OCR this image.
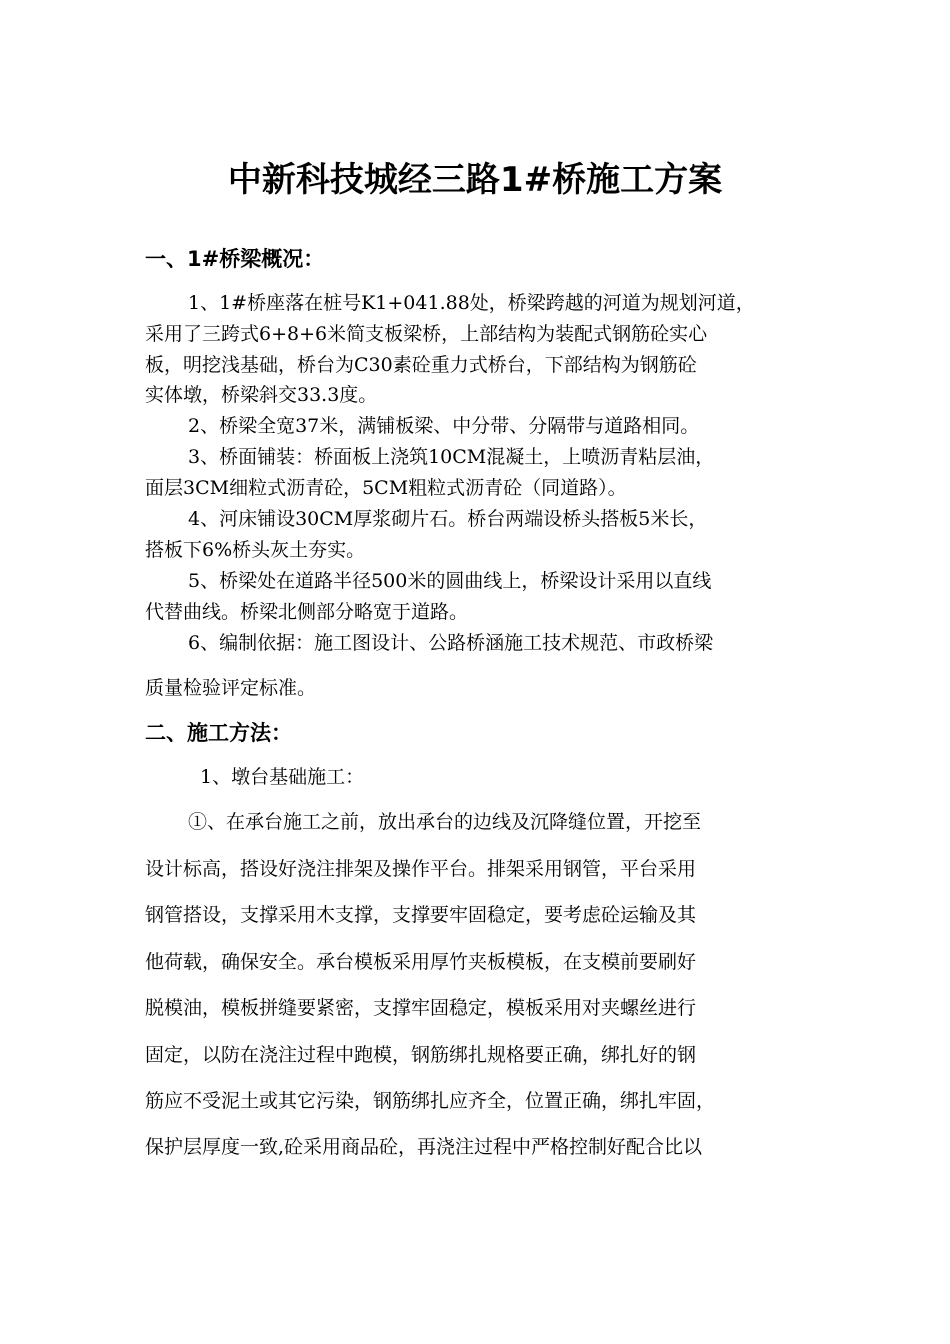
中新科技城经三路1#桥施工方案
一、1#桥梁概况：
1、1#桥座落在桩号K1+041.88处，桥梁跨越的河道为规划河道，
采用了三跨式6+8+6米简支板梁桥，上部结构为装配式钢筋砼实心
板，明挖浅基础，桥台为C30素砼重力式桥台，下部结构为钢筋砼
实体墩，桥梁斜交33.3度。
2、桥梁全宽37米，满铺板梁、中分带、分隔带与道路相同。
3、桥面铺装：桥面板上浇筑10CM混凝土，上喷沥青粘层油，
面层3CM细粒式沥青砼，5CM粗粒式沥青砼（同道路）。
4、河床铺设30CM厚浆砌片石。桥台两端设桥头搭板5米长，
搭板下6%桥头灰土夯实。
5、桥梁处在道路半径500米的圆曲线上，桥梁设计采用以直线
代替曲线。桥梁北侧部分略宽于道路。
6、编制依据：施工图设计、公路桥涵施工技术规范、市政桥梁
质量检验评定标准。
二、施工方法：
1、墩台基础施工：
①、在承台施工之前，放出承台的边线及沉降缝位置，开挖至
设计标高，搭设好浇注排架及操作平台。排架采用钢管，平台采用
钢管搭设，支撑采用木支撑，支撑要牢固稳定，要考虑砼运输及其
他荷载，确保安全。承台模板采用厚竹夹板模板，在支模前要刷好
脱模油，模板拼缝要紧密，支撑牢固稳定，模板采用对夹螺丝进行
固定，以防在浇注过程中跑模，钢筋绑扎规格要正确，绑扎好的钢
筋应不受泥土或其它污染，钢筋绑扎应齐全，位置正确，绑扎牢固，
保护层厚度一致,砼采用商品砼，再浇注过程中严格控制好配合比以
